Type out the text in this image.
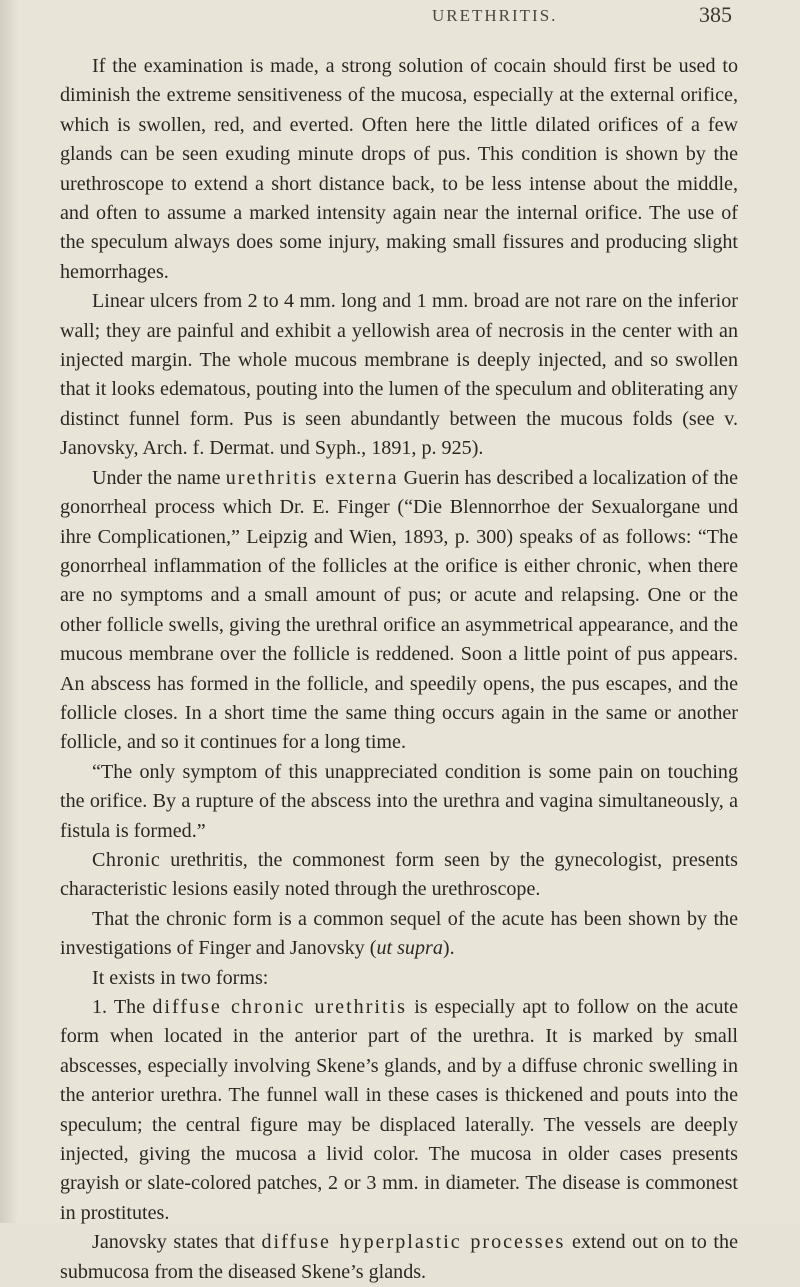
URETHRITIS.	385

If the examination is made, a strong solution of cocain should first be used to diminish the extreme sensitiveness of the mucosa, especially at the external orifice, which is swollen, red, and everted. Often here the little dilated orifices of a few glands can be seen exuding minute drops of pus. This condition is shown by the urethroscope to extend a short distance back, to be less intense about the middle, and often to assume a marked intensity again near the internal orifice. The use of the speculum always does some injury, making small fissures and producing slight hemorrhages.

Linear ulcers from 2 to 4 mm. long and 1 mm. broad are not rare on the inferior wall; they are painful and exhibit a yellowish area of necrosis in the center with an injected margin. The whole mucous membrane is deeply injected, and so swollen that it looks edematous, pouting into the lumen of the speculum and obliterating any distinct funnel form. Pus is seen abundantly between the mucous folds (see v. Janovsky, Arch. f. Dermat. und Syph., 1891, p. 925).

Under the name urethritis externa Guerin has described a localization of the gonorrheal process which Dr. E. Finger (“Die Blennorrhoe der Sexualorgane und ihre Complicationen,” Leipzig and Wien, 1893, p. 300) speaks of as follows: “The gonorrheal inflammation of the follicles at the orifice is either chronic, when there are no symptoms and a small amount of pus; or acute and relapsing. One or the other follicle swells, giving the urethral orifice an asymmetrical appearance, and the mucous membrane over the follicle is reddened. Soon a little point of pus appears. An abscess has formed in the follicle, and speedily opens, the pus escapes, and the follicle closes. In a short time the same thing occurs again in the same or another follicle, and so it continues for a long time.

“The only symptom of this unappreciated condition is some pain on touching the orifice. By a rupture of the abscess into the urethra and vagina simultaneously, a fistula is formed.”

Chronic urethritis, the commonest form seen by the gynecologist, presents characteristic lesions easily noted through the urethroscope.

That the chronic form is a common sequel of the acute has been shown by the investigations of Finger and Janovsky (ut supra).

It exists in two forms:

1. The diffuse chronic urethritis is especially apt to follow on the acute form when located in the anterior part of the urethra. It is marked by small abscesses, especially involving Skene’s glands, and by a diffuse chronic swelling in the anterior urethra. The funnel wall in these cases is thickened and pouts into the speculum; the central figure may be displaced laterally. The vessels are deeply injected, giving the mucosa a livid color. The mucosa in older cases presents grayish or slate-colored patches, 2 or 3 mm. in diameter. The disease is commonest in prostitutes.

Janovsky states that diffuse hyperplastic processes extend out on to the submucosa from the diseased Skene’s glands.
